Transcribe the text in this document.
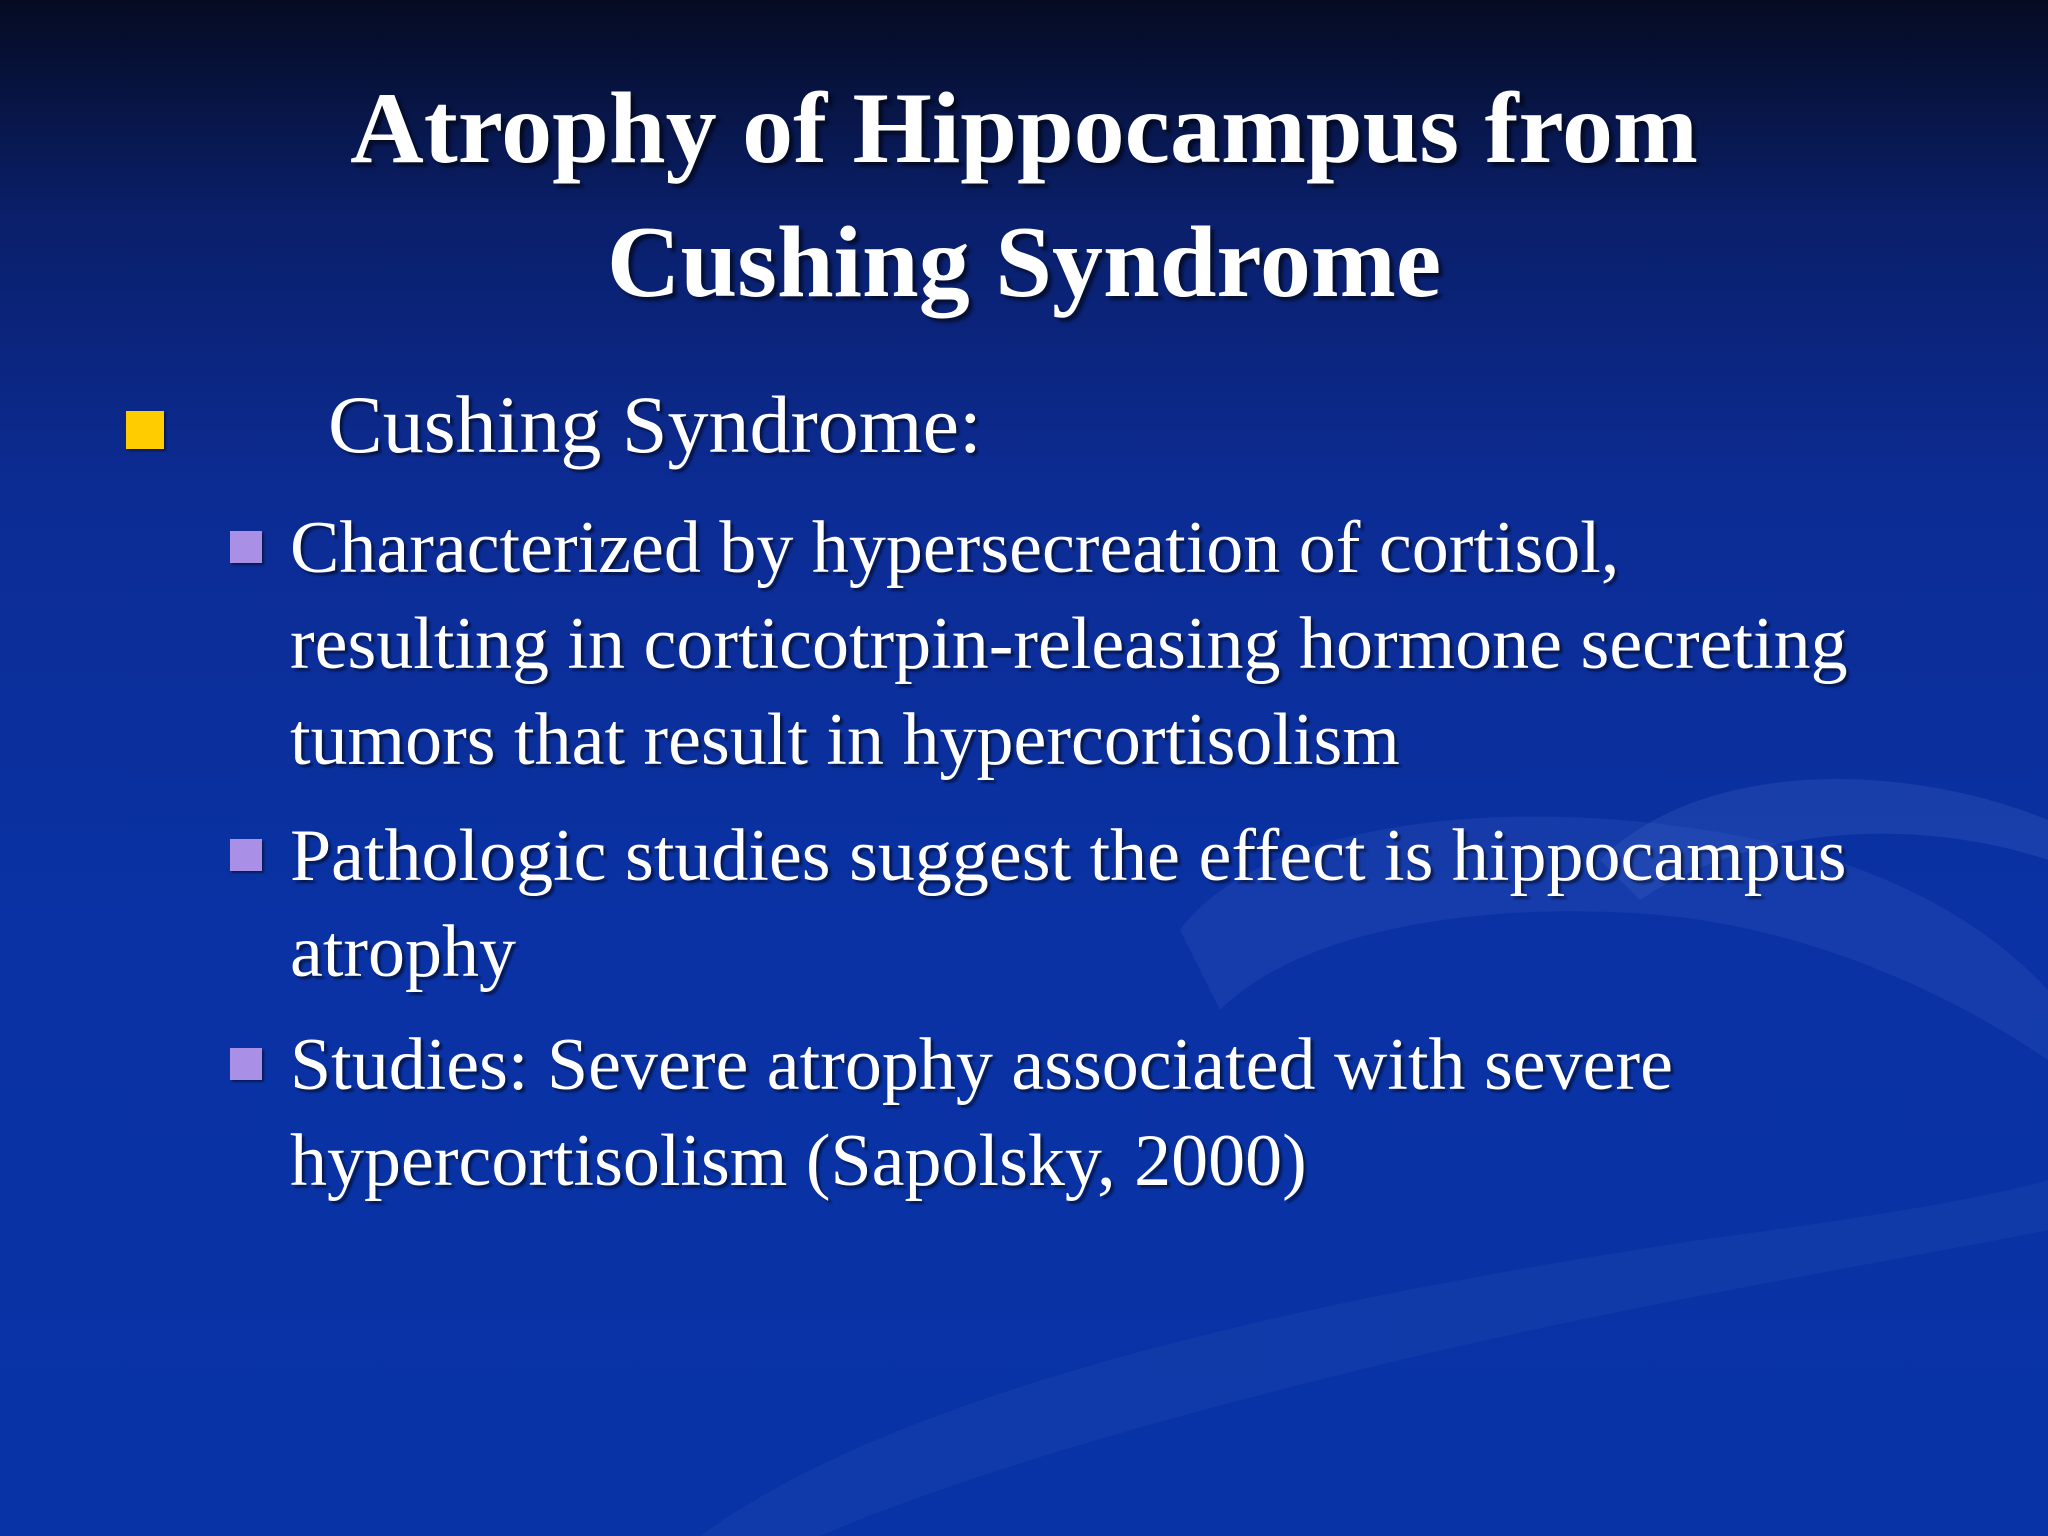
Atrophy of Hippocampus from
Cushing Syndrome
Cushing Syndrome:
Characterized by hypersecreation of cortisol,
resulting in corticotrpin-releasing hormone secreting
tumors that result in hypercortisolism
Pathologic studies suggest the effect is hippocampus
atrophy
Studies: Severe atrophy associated with severe
hypercortisolism (Sapolsky, 2000)
